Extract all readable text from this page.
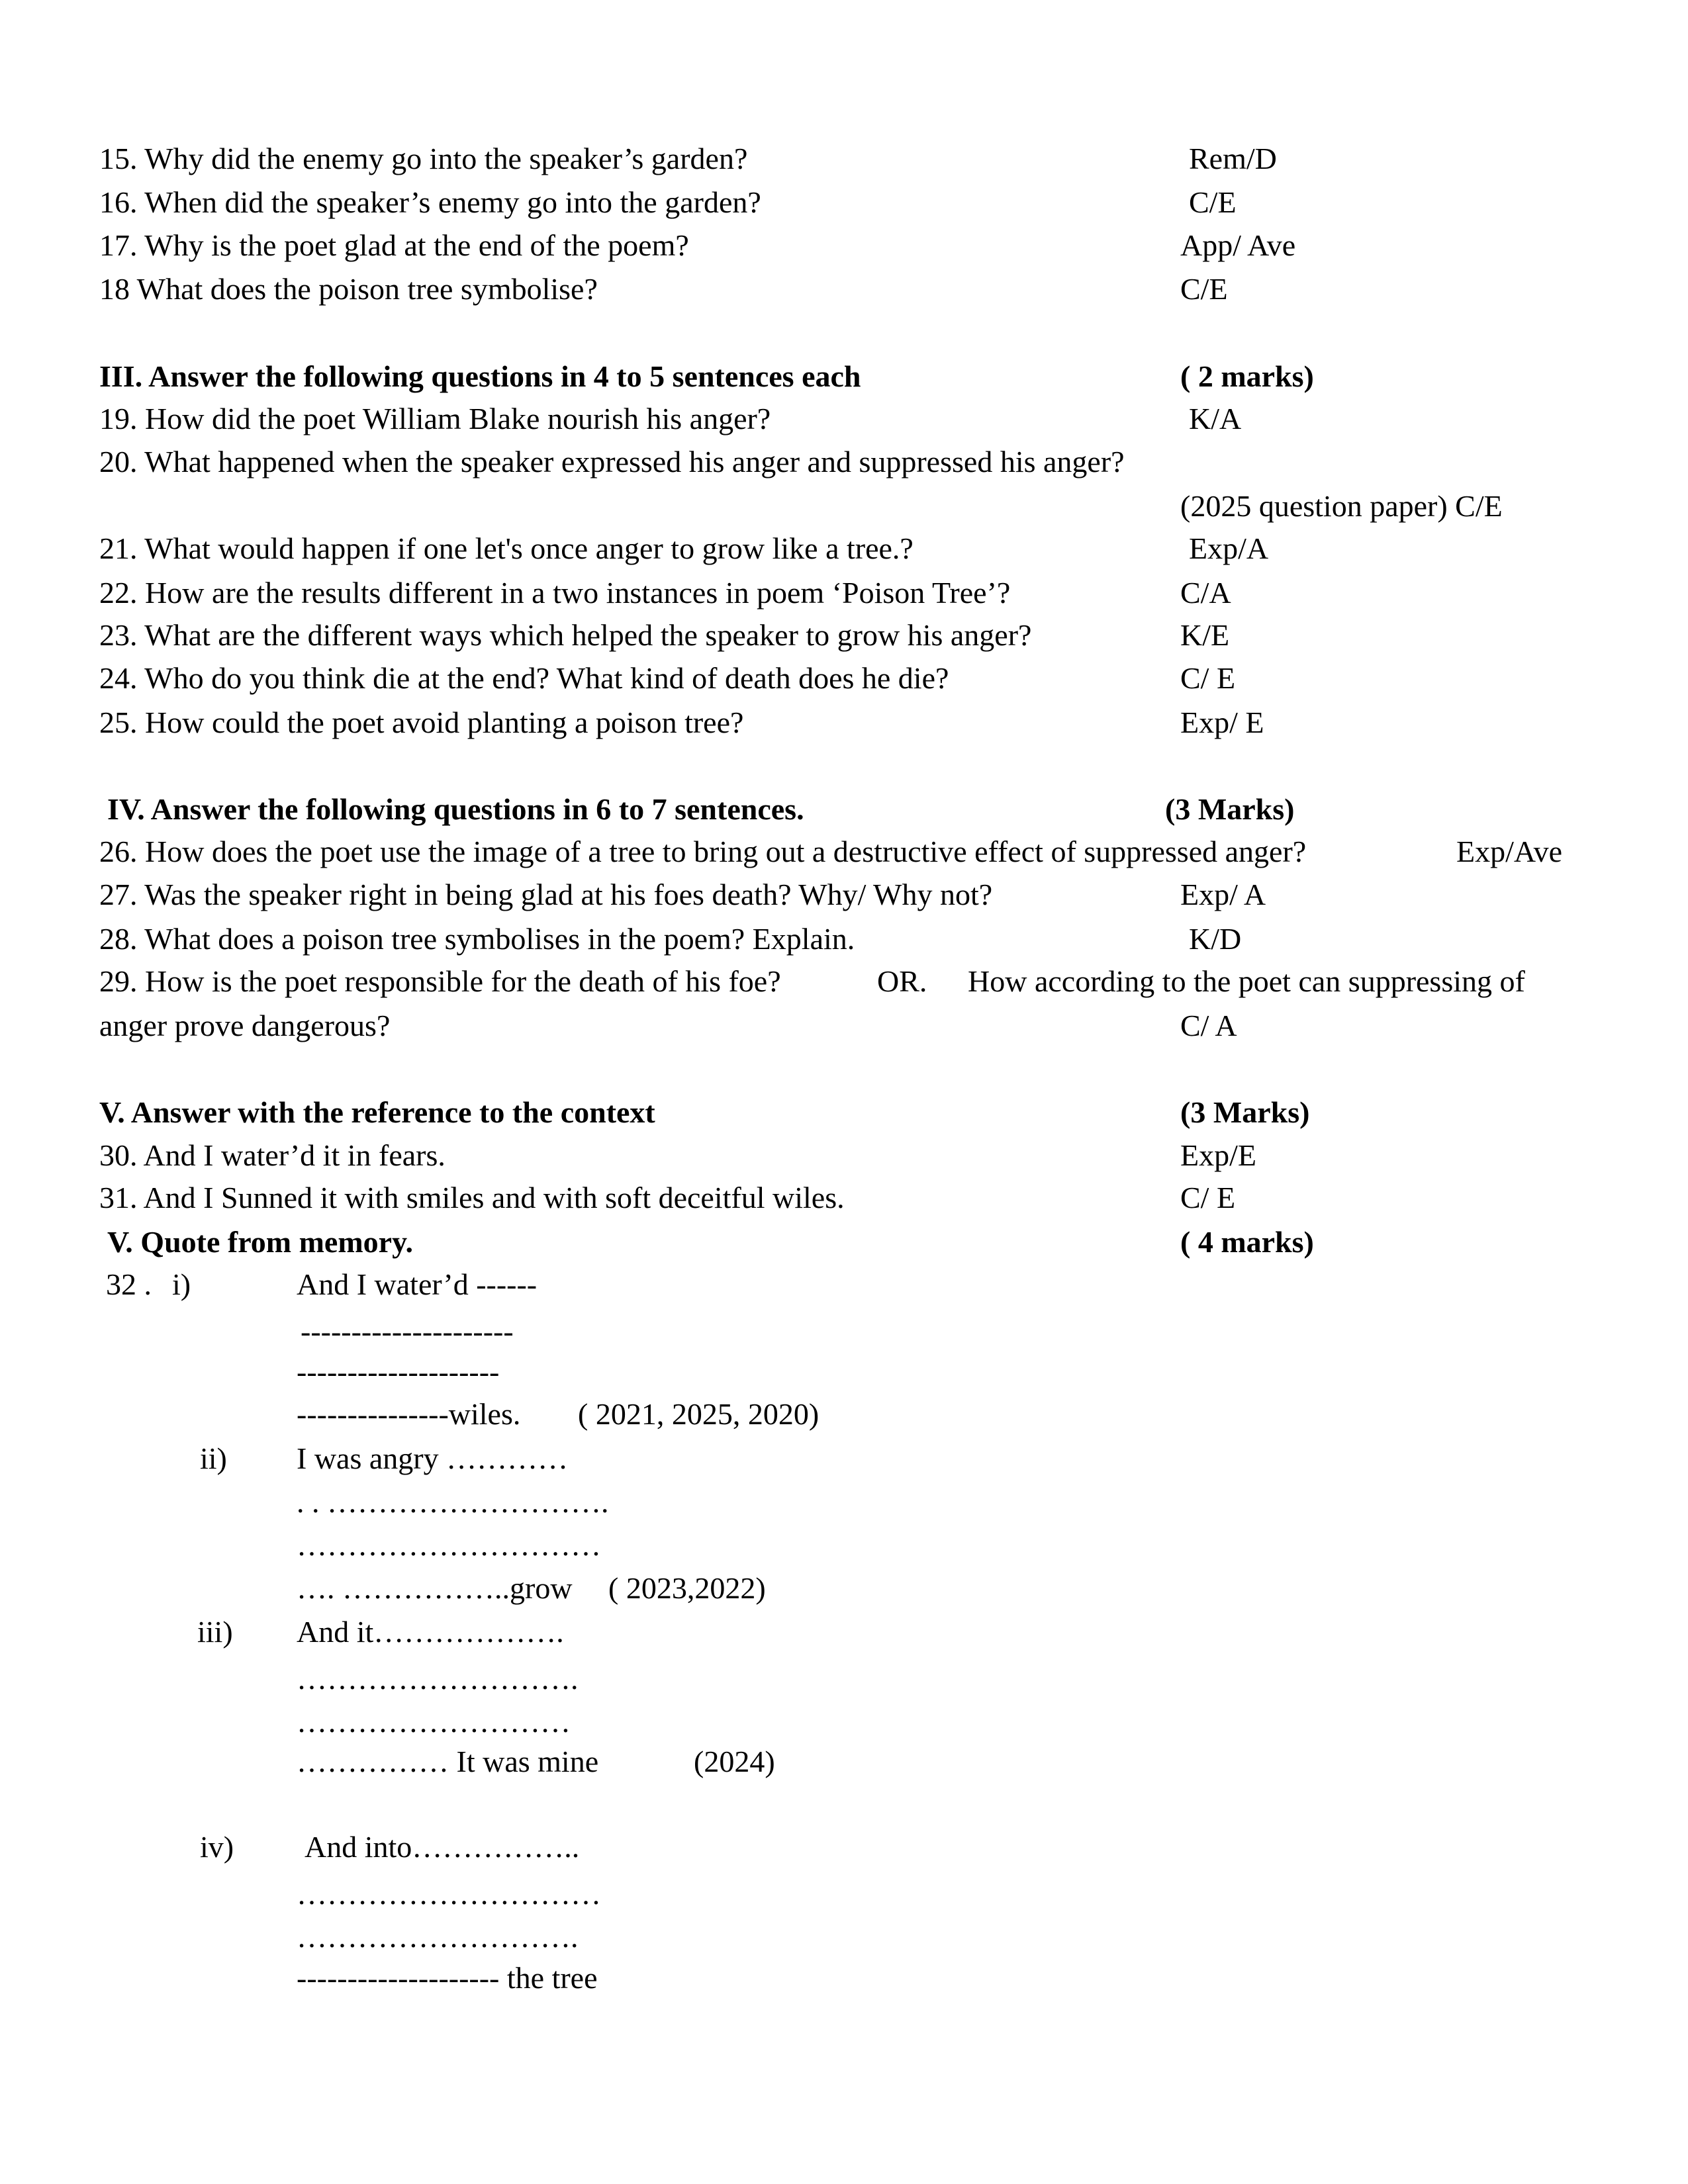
15. Why did the enemy go into the speaker’s garden?	Rem/D
16. When did the speaker’s enemy go into the garden?	C/E
17. Why is the poet glad at the end of the poem?	App/ Ave
18 What does the poison tree symbolise?	C/E
III. Answer the following questions in 4 to 5 sentences each	( 2 marks)
19. How did the poet William Blake nourish his anger?	K/A
20. What happened when the speaker expressed his anger and suppressed his anger?
(2025 question paper) C/E
21. What would happen if one let's once anger to grow like a tree.?	Exp/A
22. How are the results different in a two instances in poem ‘Poison Tree’?	C/A
23. What are the different ways which helped the speaker to grow his anger?	K/E
24. Who do you think die at the end? What kind of death does he die?	C/ E
25. How could the poet avoid planting a poison tree?	Exp/ E
IV. Answer the following questions in 6 to 7 sentences.	(3 Marks)
26. How does the poet use the image of a tree to bring out a destructive effect of suppressed anger?	Exp/Ave
27. Was the speaker right in being glad at his foes death? Why/ Why not?	Exp/ A
28. What does a poison tree symbolises in the poem? Explain.	K/D
29. How is the poet responsible for the death of his foe?	OR. How according to the poet can suppressing of
anger prove dangerous?	C/ A
V. Answer with the reference to the context	(3 Marks)
30. And I water’d it in fears.	Exp/E
31. And I Sunned it with smiles and with soft deceitful wiles.	C/ E
V. Quote from memory.	( 4 marks)
32 . i)	And I water’d ------
---------------------
--------------------
---------------wiles. ( 2021, 2025, 2020)
ii) I was angry …………
. . ……………………….
…………………………
…. ……………..grow ( 2023,2022)
iii) And it……………….
……………………….
………………………
…………… It was mine	(2024)
iv) And into……………..
…………………………
……………………….
-------------------- the tree
